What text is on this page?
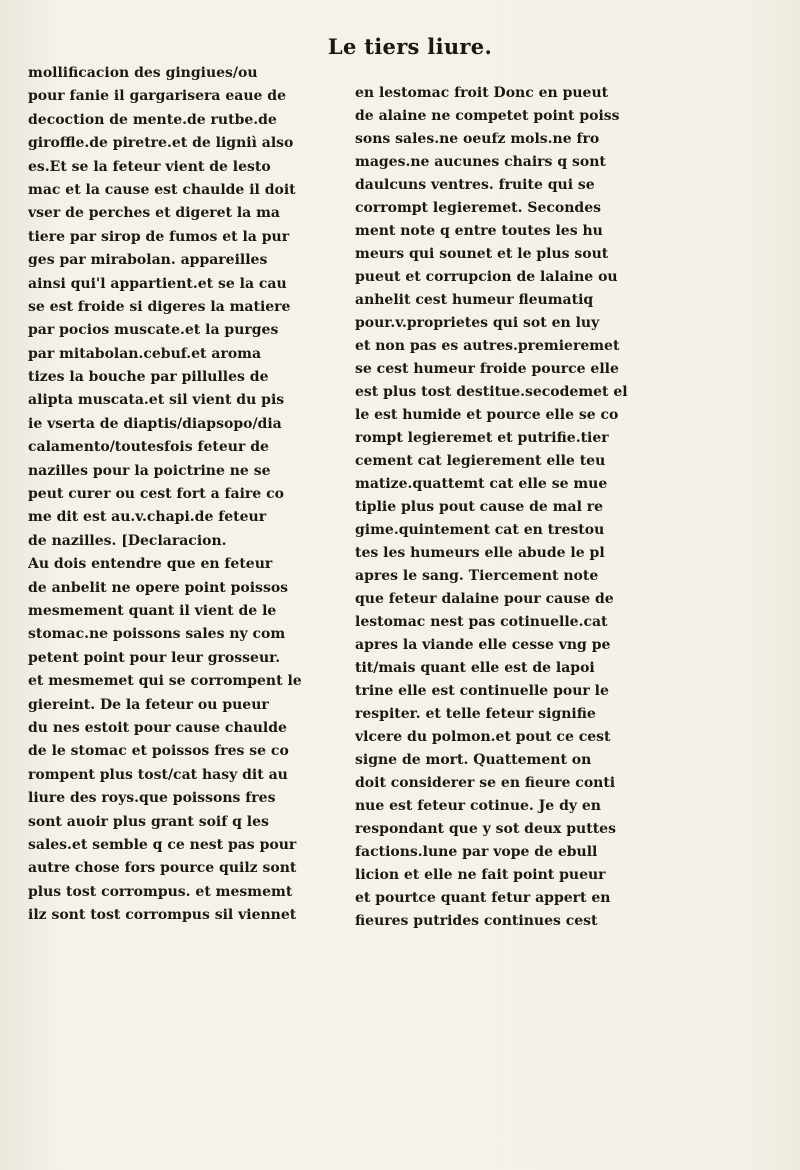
Le tiers liure.
mollificacion des gingiues/ou
pour fanie il gargarisera eaue de
decoction de mente.de rutbe.de
giroffle.de piretre.et de ligniì also
es.Et se la feteur vient de lesto
mac et la cause est chaulde il doit
vser de perches et digeret la ma
tiere par sirop de fumos et la pur
ges par mirabolan. appareilles
ainsi qui'l appartient.et se la cau
se est froide si digeres la matiere
par pocios muscate.et la purges
par mitabolan.cebuf.et aroma
tizes la bouche par pillulles de
alipta muscata.et sil vient du pis
ie vserta de diaptis/diapsopo/dia
calamento/toutesfois feteur de
nazilles pour la poictrine ne se
peut curer ou cest fort a faire co
me dit est au.v.chapi.de feteur
de nazilles. [Declaracion.
Au dois entendre que en feteur
de anbelit ne opere point poissos
mesmement quant il vient de le
stomac.ne poissons sales ny com
petent point pour leur grosseur.
et mesmemet qui se corrompent le
giereint. De la feteur ou pueur
du nes estoit pour cause chaulde
de le stomac et poissos fres se co
rompent plus tost/cat hasy dit au
liure des roys.que poissons fres
sont auoir plus grant soif q les
sales.et semble q ce nest pas pour
autre chose fors pource quilz sont
plus tost corrompus. et mesmemt
ilz sont tost corrompus sil viennet
en lestomac froit Donc en pueut
de alaine ne competet point poiss
sons sales.ne oeufz mols.ne fro
mages.ne aucunes chairs q sont
daulcuns ventres. fruite qui se
corrompt legieremet. Secondes
ment note q entre toutes les hu
meurs qui sounet et le plus sout
pueut et corrupcion de lalaine ou
anhelit cest humeur fleumatiq
pour.v.proprietes qui sot en luy
et non pas es autres.premieremet
se cest humeur froide pource elle
est plus tost destitue.secodemet el
le est humide et pource elle se co
rompt legieremet et putrifie.tier
cement cat legierement elle teu
matize.quattemt cat elle se mue
tiplie plus pout cause de mal re
gime.quintement cat en trestou
tes les humeurs elle abude le pl
apres le sang. Tiercement note
que feteur dalaine pour cause de
lestomac nest pas cotinuelle.cat
apres la viande elle cesse vng pe
tit/mais quant elle est de lapoi
trine elle est continuelle pour le
respiter. et telle feteur signifie
vlcere du polmon.et pout ce cest
signe de mort. Quattement on
doit considerer se en fieure conti
nue est feteur cotinue. Je dy en
respondant que y sot deux puttes
factions.lune par vope de ebull
licion et elle ne fait point pueur
et pourtce quant fetur appert en
fieures putrides continues cest
